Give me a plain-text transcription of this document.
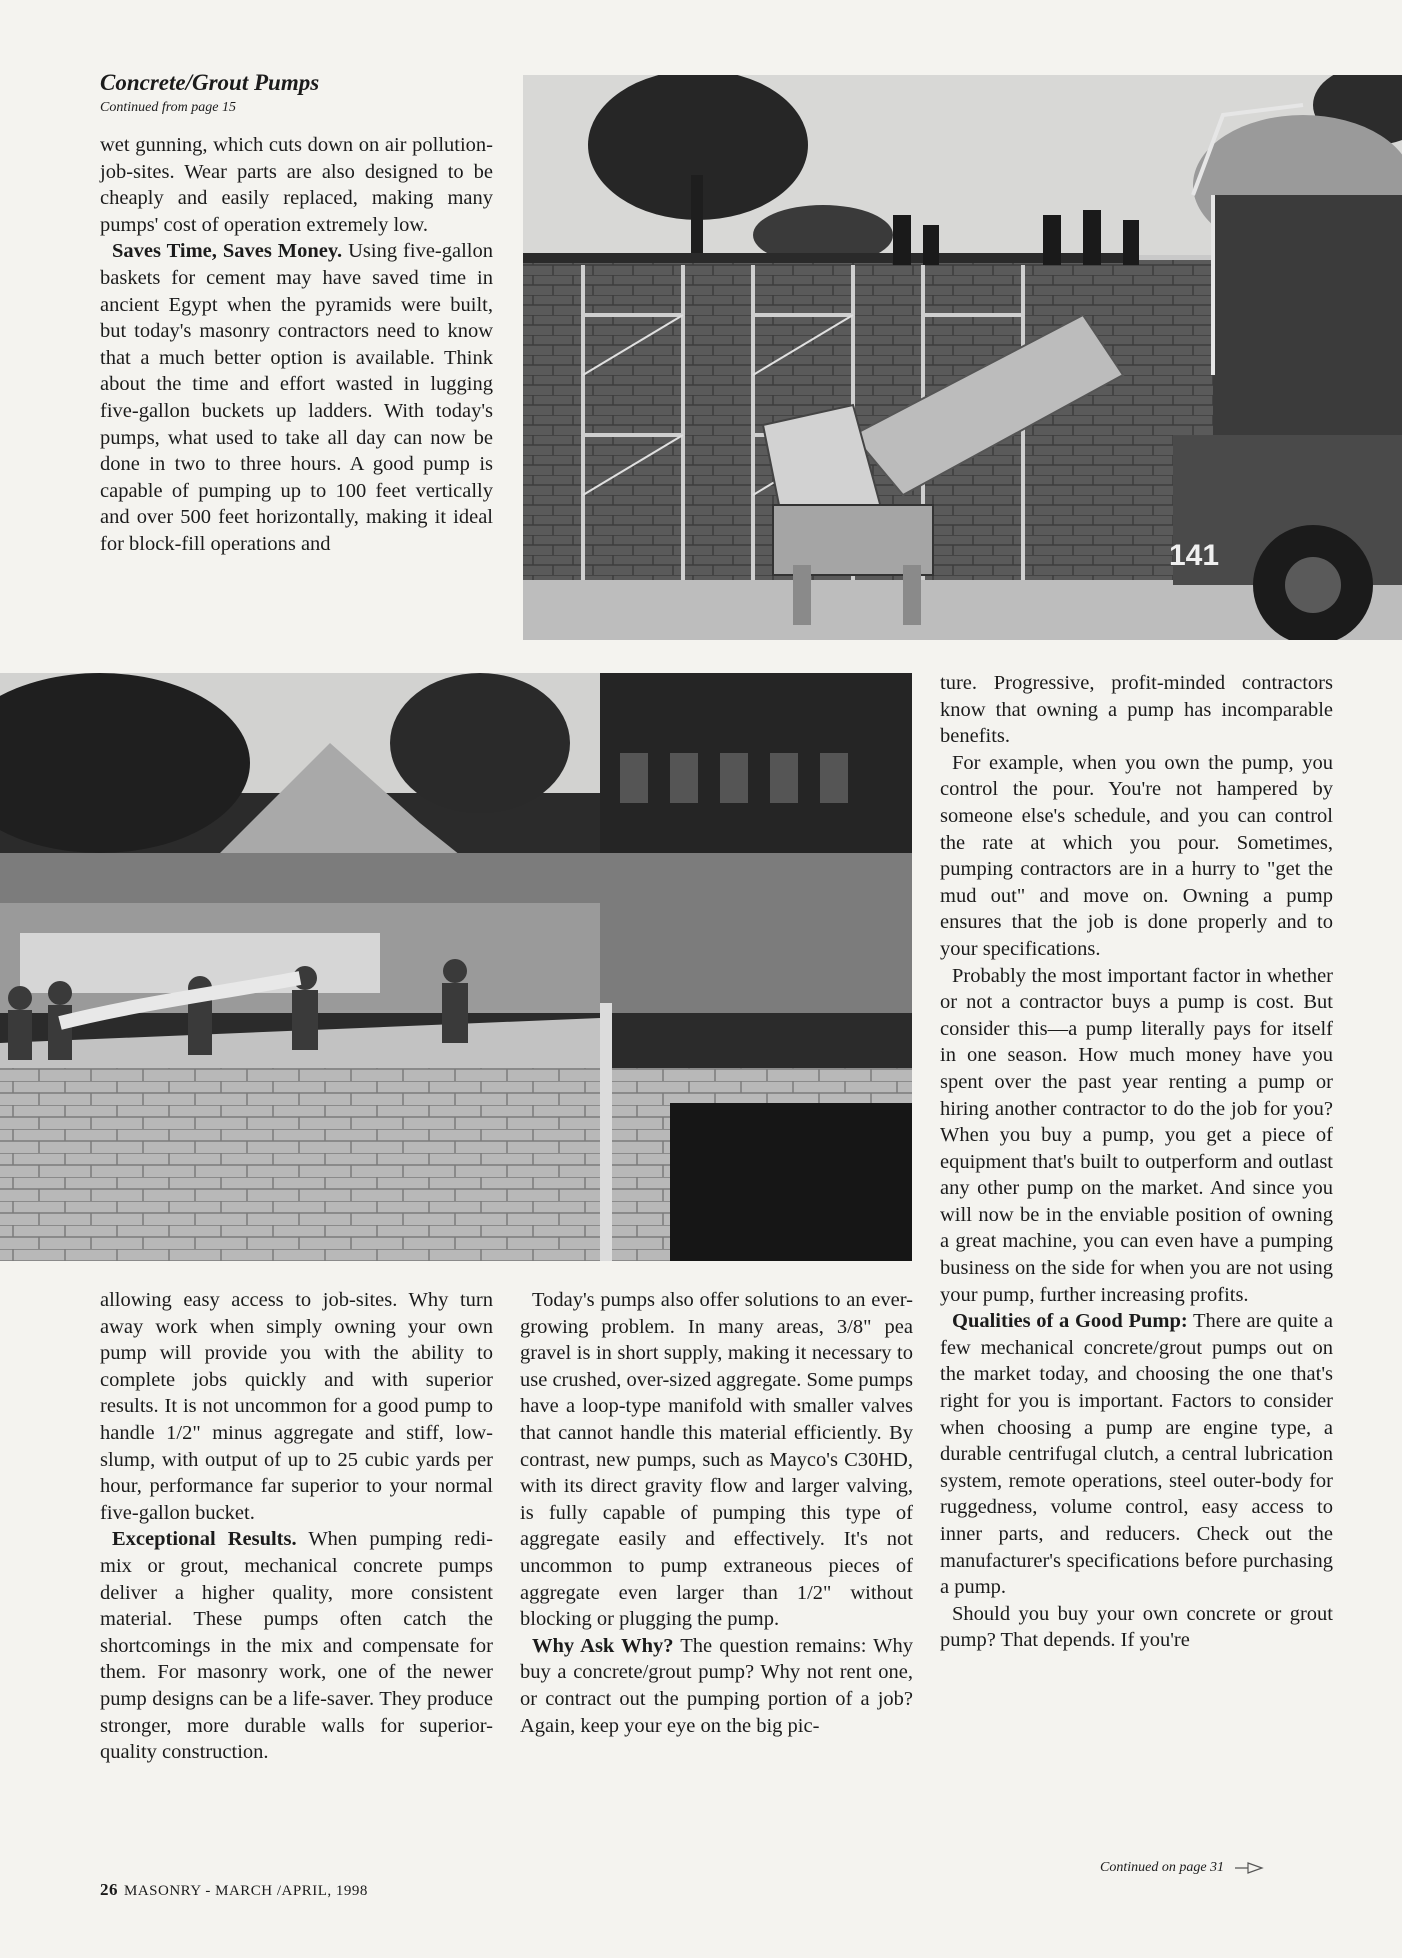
Concrete/Grout Pumps
Continued from page 15

wet gunning, which cuts down on air pollution-job-sites. Wear parts are also designed to be cheaply and easily replaced, making many pumps' cost of operation extremely low.

Saves Time, Saves Money. Using five-gallon baskets for cement may have saved time in ancient Egypt when the pyramids were built, but today's masonry contractors need to know that a much better option is available. Think about the time and effort wasted in lugging five-gallon buckets up ladders. With today's pumps, what used to take all day can now be done in two to three hours. A good pump is capable of pumping up to 100 feet vertically and over 500 feet horizontally, making it ideal for block-fill operations and	141

allowing easy access to job-sites. Why turn away work when simply owning your own pump will provide you with the ability to complete jobs quickly and with superior results. It is not uncommon for a good pump to handle 1/2" minus aggregate and stiff, low-slump, with output of up to 25 cubic yards per hour, performance far superior to your normal five-gallon bucket.

Exceptional Results. When pumping redi-mix or grout, mechanical concrete pumps deliver a higher quality, more consistent material. These pumps often catch the shortcomings in the mix and compensate for them. For masonry work, one of the newer pump designs can be a life-saver. They produce stronger, more durable walls for superior-quality construction.

Today's pumps also offer solutions to an ever-growing problem. In many areas, 3/8" pea gravel is in short supply, making it necessary to use crushed, over-sized aggregate. Some pumps have a loop-type manifold with smaller valves that cannot handle this material efficiently. By contrast, new pumps, such as Mayco's C30HD, with its direct gravity flow and larger valving, is fully capable of pumping this type of aggregate easily and effectively. It's not uncommon to pump extraneous pieces of aggregate even larger than 1/2" without blocking or plugging the pump.

Why Ask Why? The question remains: Why buy a concrete/grout pump? Why not rent one, or contract out the pumping portion of a job? Again, keep your eye on the big pic-

ture. Progressive, profit-minded contractors know that owning a pump has incomparable benefits.

For example, when you own the pump, you control the pour. You're not hampered by someone else's schedule, and you can control the rate at which you pour. Sometimes, pumping contractors are in a hurry to "get the mud out" and move on. Owning a pump ensures that the job is done properly and to your specifications.

Probably the most important factor in whether or not a contractor buys a pump is cost. But consider this—a pump literally pays for itself in one season. How much money have you spent over the past year renting a pump or hiring another contractor to do the job for you? When you buy a pump, you get a piece of equipment that's built to outperform and outlast any other pump on the market. And since you will now be in the enviable position of owning a great machine, you can even have a pumping business on the side for when you are not using your pump, further increasing profits.

Qualities of a Good Pump: There are quite a few mechanical concrete/grout pumps out on the market today, and choosing the one that's right for you is important. Factors to consider when choosing a pump are engine type, a durable centrifugal clutch, a central lubrication system, remote operations, steel outer-body for ruggedness, volume control, easy access to inner parts, and reducers. Check out the manufacturer's specifications before purchasing a pump.

Should you buy your own concrete or grout pump? That depends. If you're

Continued on page 31
26 MASONRY - MARCH /APRIL, 1998
